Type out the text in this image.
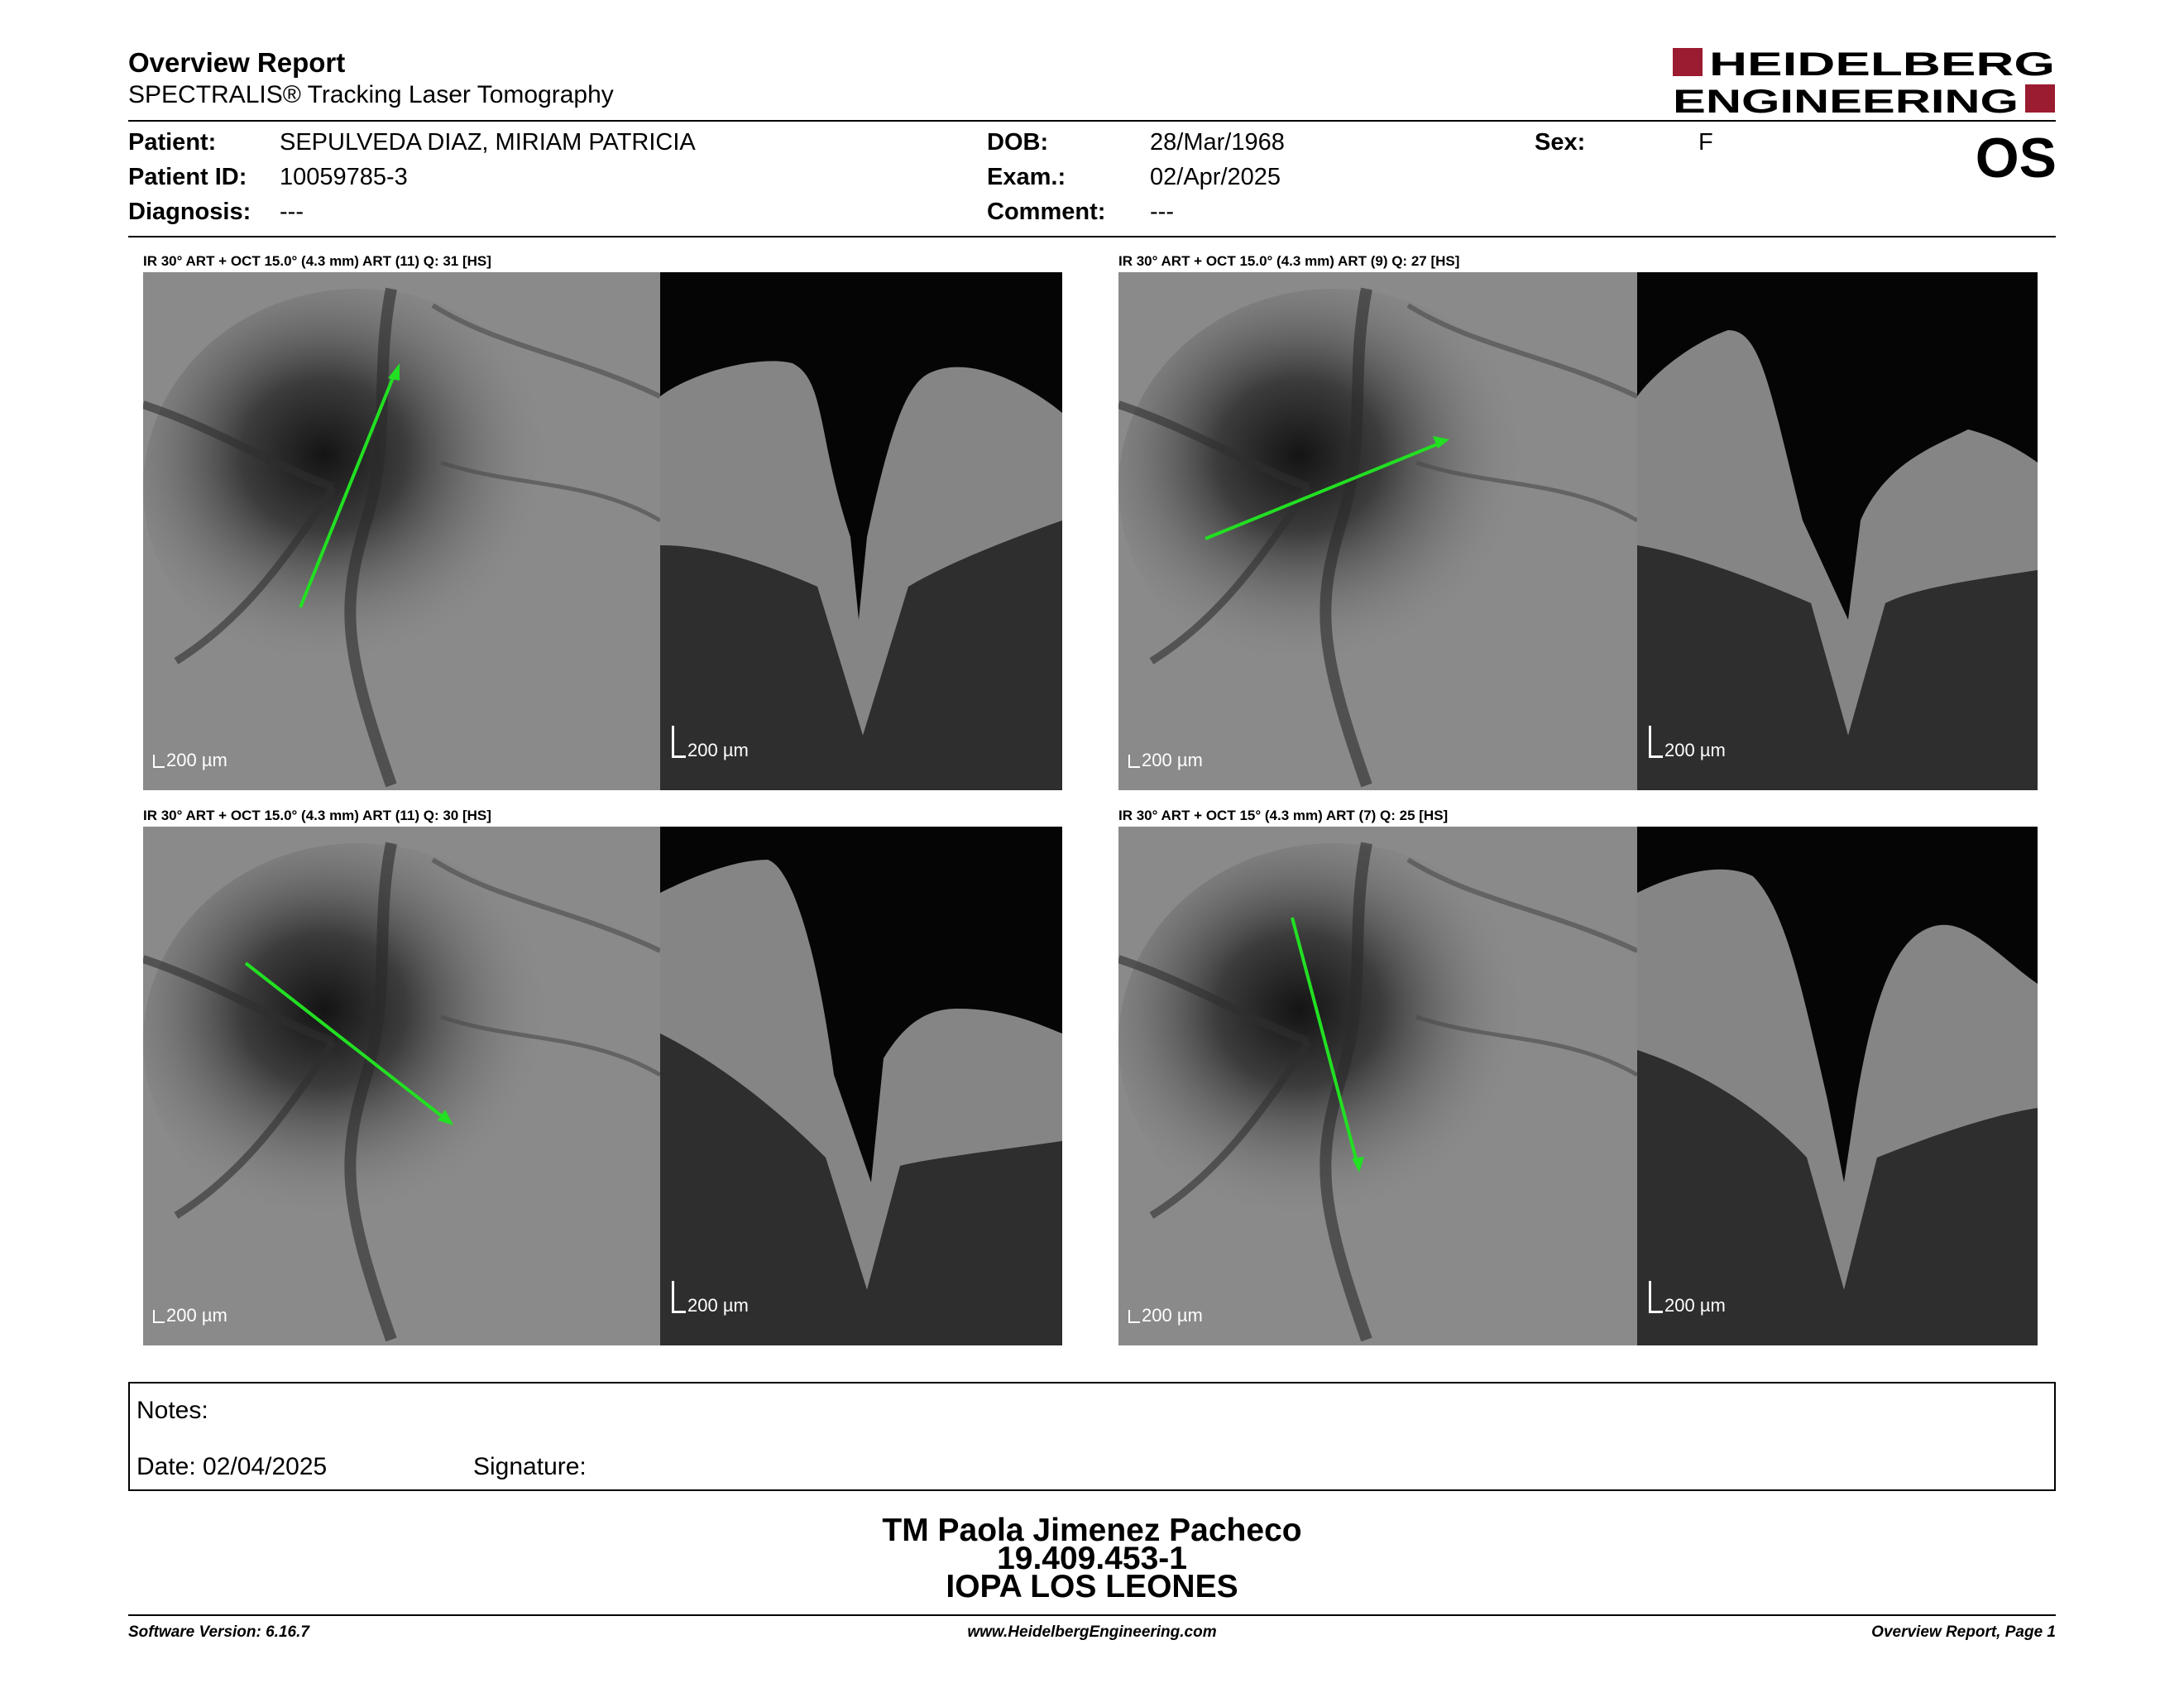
Overview Report
SPECTRALIS® Tracking Laser Tomography
HEIDELBERG
ENGINEERING
Patient:	SEPULVEDA DIAZ, MIRIAM PATRICIA
Patient ID: 10059785-3
Diagnosis: ---
DOB:	28/Mar/1968
Exam.:	02/Apr/2025
Comment: ---
Sex:	F	OS
IR 30° ART + OCT 15.0° (4.3 mm) ART (11) Q: 31 [HS]
200 µm	200 µm
IR 30° ART + OCT 15.0° (4.3 mm) ART (9) Q: 27 [HS]
200 µm	200 µm
IR 30° ART + OCT 15.0° (4.3 mm) ART (11) Q: 30 [HS]
200 µm	200 µm
IR 30° ART + OCT 15° (4.3 mm) ART (7) Q: 25 [HS]
200 µm	200 µm
Notes:
Date: 02/04/2025	Signature:
TM Paola Jimenez Pacheco
19.409.453-1
IOPA LOS LEONES
Software Version: 6.16.7	www.HeidelbergEngineering.com	Overview Report, Page 1
